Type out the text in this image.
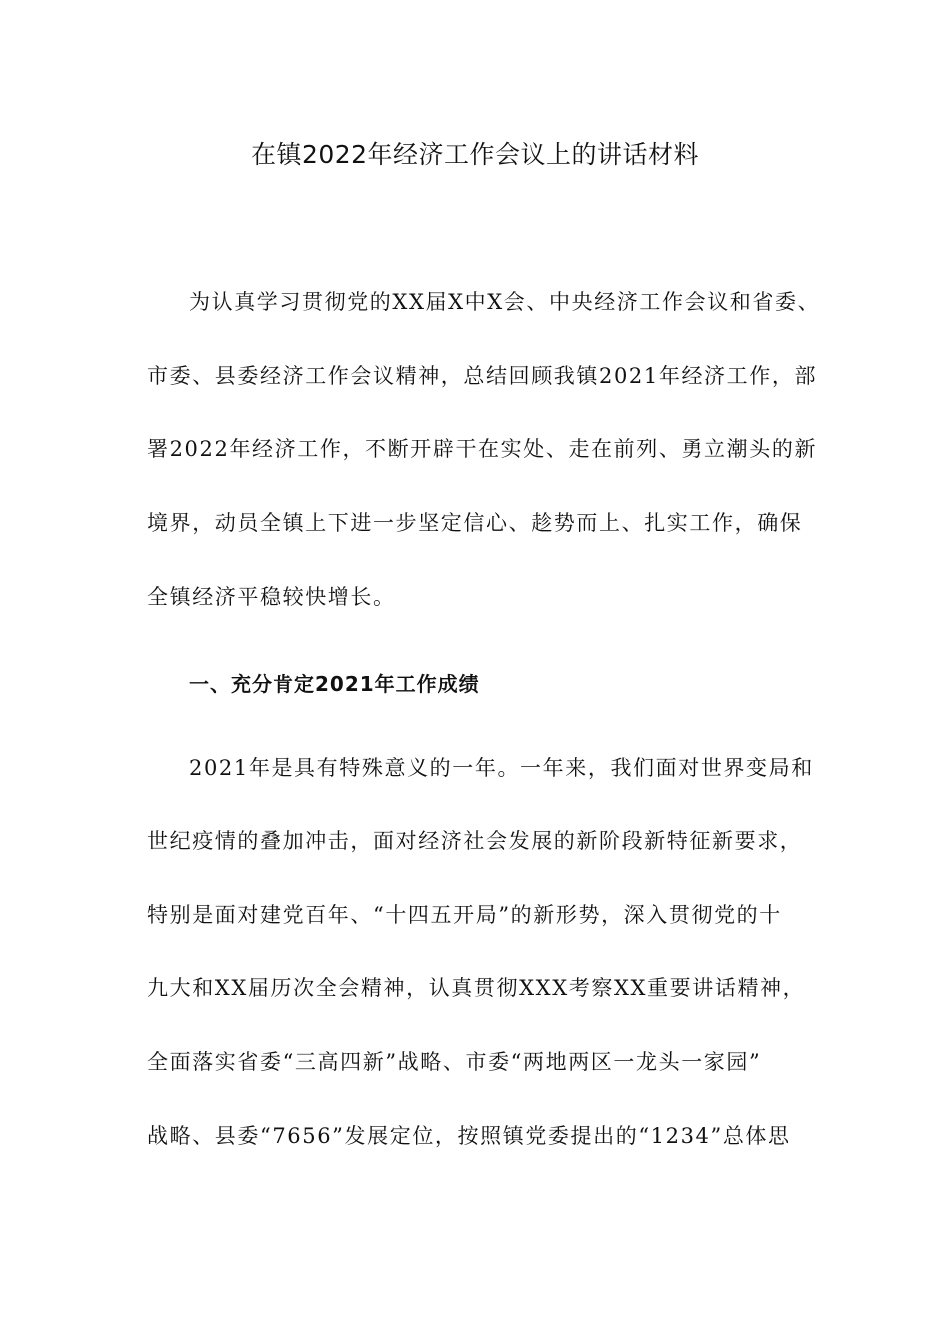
在镇2022年经济工作会议上的讲话材料
为认真学习贯彻党的XX届X中X会、中央经济工作会议和省委、
市委、县委经济工作会议精神，总结回顾我镇2021年经济工作，部
署2022年经济工作，不断开辟干在实处、走在前列、勇立潮头的新
境界，动员全镇上下进一步坚定信心、趁势而上、扎实工作，确保
全镇经济平稳较快增长。
一、充分肯定2021年工作成绩
2021年是具有特殊意义的一年。一年来，我们面对世界变局和
世纪疫情的叠加冲击，面对经济社会发展的新阶段新特征新要求，
特别是面对建党百年、“十四五开局”的新形势，深入贯彻党的十
九大和XX届历次全会精神，认真贯彻XXX考察XX重要讲话精神，
全面落实省委“三高四新”战略、市委“两地两区一龙头一家园”
战略、县委“7656”发展定位，按照镇党委提出的“1234”总体思
